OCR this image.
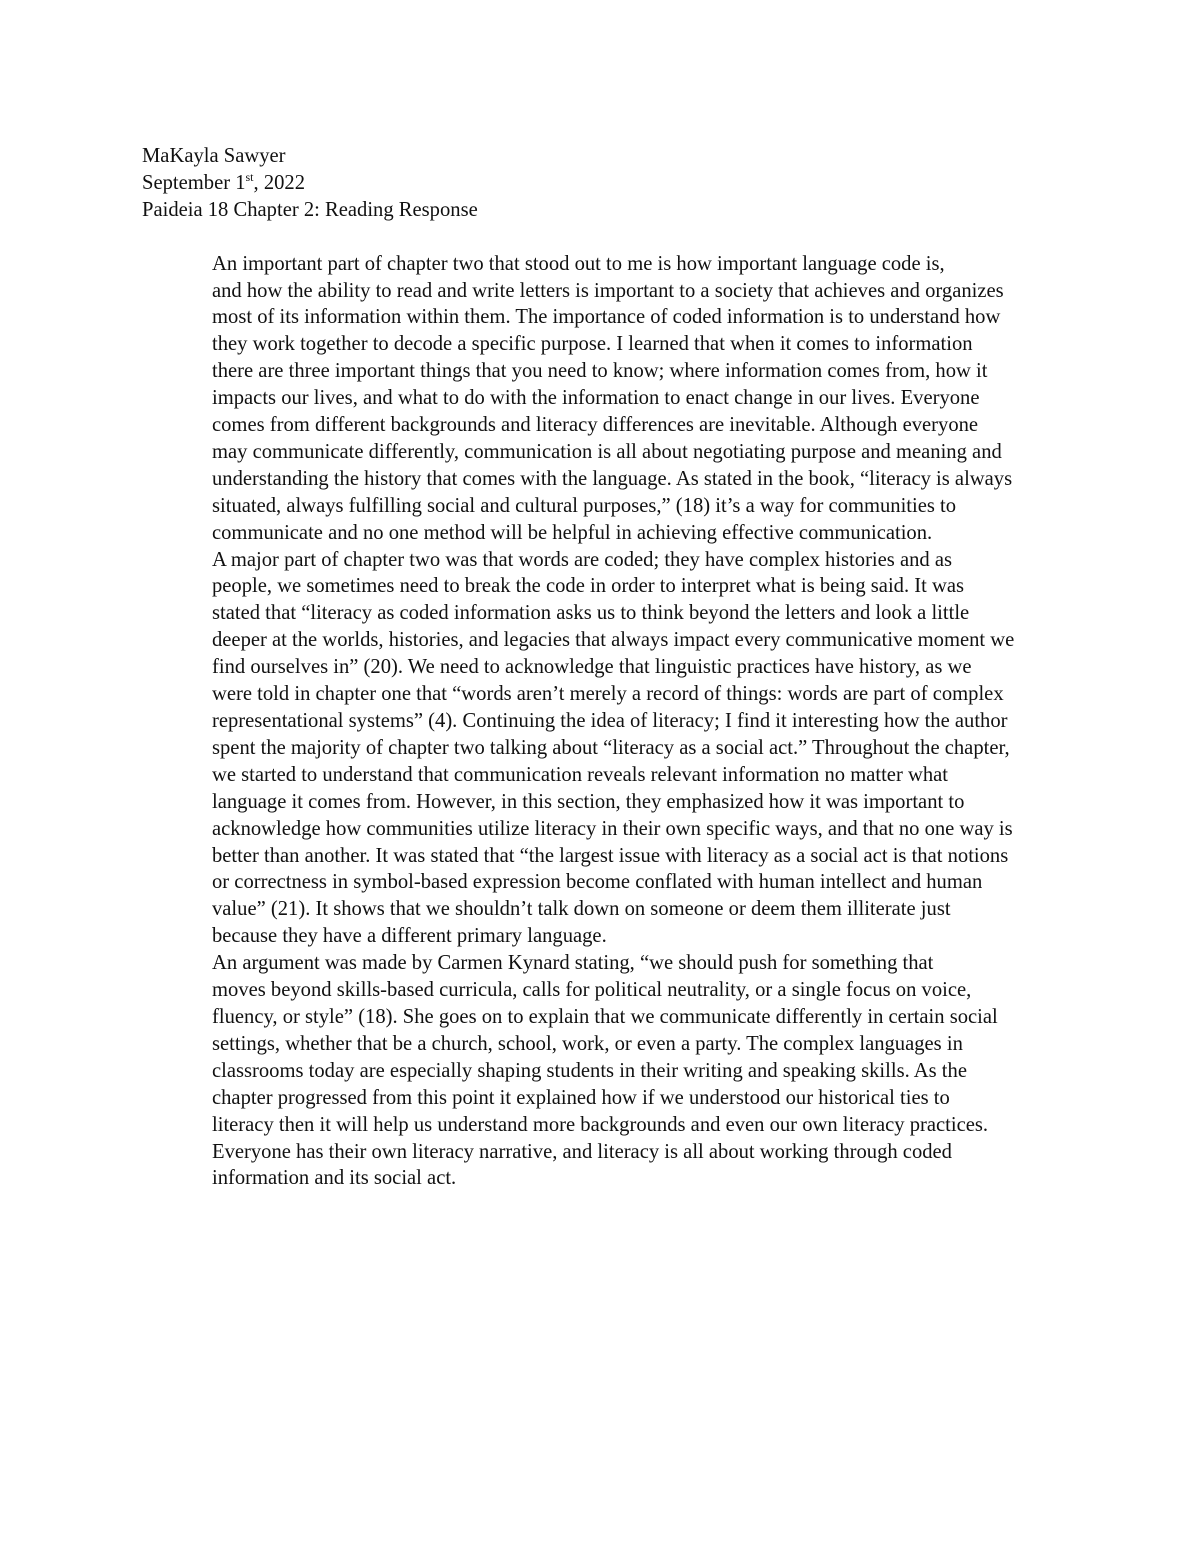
MaKayla Sawyer

September 1st, 2022

Paideia 18 Chapter 2: Reading Response

An important part of chapter two that stood out to me is how important language code is,
and how the ability to read and write letters is important to a society that achieves and organizes
most of its information within them. The importance of coded information is to understand how
they work together to decode a specific purpose. I learned that when it comes to information
there are three important things that you need to know; where information comes from, how it
impacts our lives, and what to do with the information to enact change in our lives. Everyone
comes from different backgrounds and literacy differences are inevitable. Although everyone
may communicate differently, communication is all about negotiating purpose and meaning and
understanding the history that comes with the language. As stated in the book, “literacy is always
situated, always fulfilling social and cultural purposes,” (18) it’s a way for communities to
communicate and no one method will be helpful in achieving effective communication.

A major part of chapter two was that words are coded; they have complex histories and as
people, we sometimes need to break the code in order to interpret what is being said. It was
stated that “literacy as coded information asks us to think beyond the letters and look a little
deeper at the worlds, histories, and legacies that always impact every communicative moment we
find ourselves in” (20). We need to acknowledge that linguistic practices have history, as we
were told in chapter one that “words aren’t merely a record of things: words are part of complex
representational systems” (4). Continuing the idea of literacy; I find it interesting how the author
spent the majority of chapter two talking about “literacy as a social act.” Throughout the chapter,
we started to understand that communication reveals relevant information no matter what
language it comes from. However, in this section, they emphasized how it was important to
acknowledge how communities utilize literacy in their own specific ways, and that no one way is
better than another. It was stated that “the largest issue with literacy as a social act is that notions
or correctness in symbol-based expression become conflated with human intellect and human
value” (21). It shows that we shouldn’t talk down on someone or deem them illiterate just
because they have a different primary language.

An argument was made by Carmen Kynard stating, “we should push for something that
moves beyond skills-based curricula, calls for political neutrality, or a single focus on voice,
fluency, or style” (18). She goes on to explain that we communicate differently in certain social
settings, whether that be a church, school, work, or even a party. The complex languages in
classrooms today are especially shaping students in their writing and speaking skills. As the
chapter progressed from this point it explained how if we understood our historical ties to
literacy then it will help us understand more backgrounds and even our own literacy practices.
Everyone has their own literacy narrative, and literacy is all about working through coded
information and its social act.
